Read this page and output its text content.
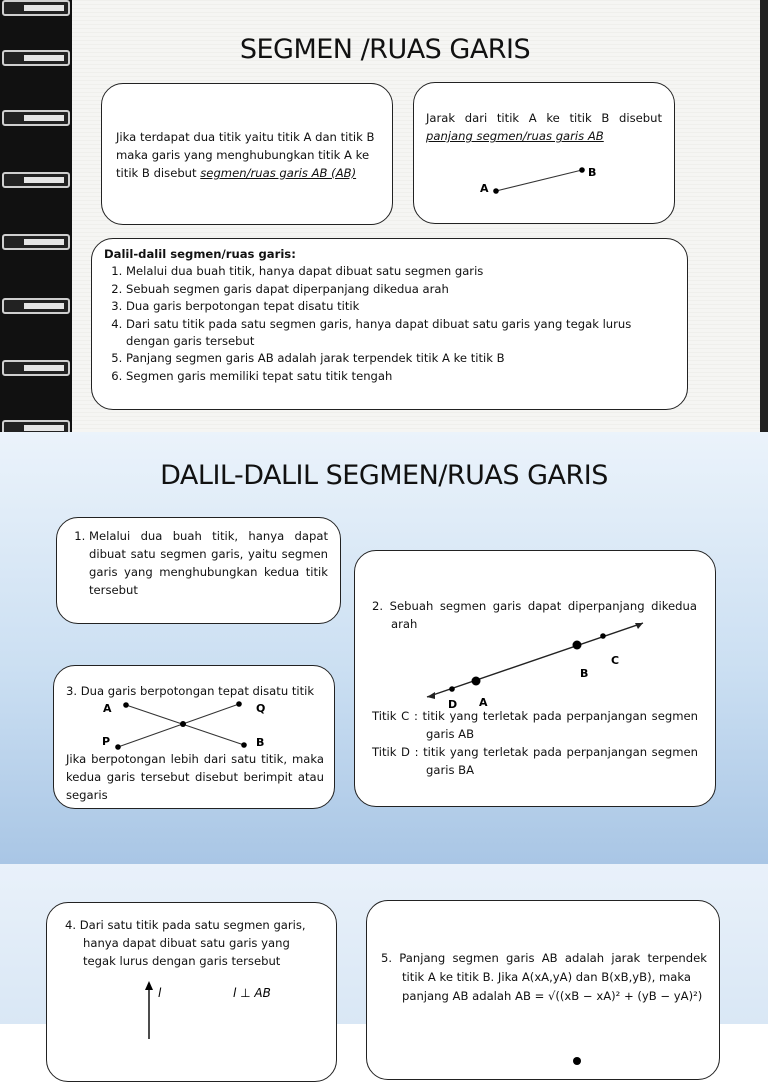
SEGMEN /RUAS GARIS
Jika terdapat dua titik yaitu titik A dan titik B maka garis yang menghubungkan titik A ke titik B disebut segmen/ruas garis AB (AB)
Jarak dari titik A ke titik B disebut panjang segmen/ruas garis AB
A
B
Dalil-dalil segmen/ruas garis:
1. Melalui dua buah titik, hanya dapat dibuat satu segmen garis
2. Sebuah segmen garis dapat diperpanjang dikedua arah
3. Dua garis berpotongan tepat disatu titik
4. Dari satu titik pada satu segmen garis, hanya dapat dibuat satu garis yang tegak lurus dengan garis tersebut
5. Panjang segmen garis AB adalah jarak terpendek titik A ke titik B
6. Segmen garis memiliki tepat satu titik tengah
DALIL-DALIL SEGMEN/RUAS GARIS
1. Melalui dua buah titik, hanya dapat dibuat satu segmen garis, yaitu segmen garis yang menghubungkan kedua titik tersebut
2. Sebuah segmen garis dapat diperpanjang dikedua arah
C
B
D A
Titik C : titik yang terletak pada perpanjangan segmen garis AB
Titik D : titik yang terletak pada perpanjangan segmen garis BA
3. Dua garis berpotongan tepat disatu titik
A	Q
P	B
Jika berpotongan lebih dari satu titik, maka kedua garis tersebut disebut berimpit atau segaris
4. Dari satu titik pada satu segmen garis, hanya dapat dibuat satu garis yang tegak lurus dengan garis tersebut
l	l ⊥ AB
5. Panjang segmen garis AB adalah jarak terpendek titik A ke titik B. Jika A(xA,yA) dan B(xB,yB), maka
panjang AB adalah AB = √((xB − xA)² + (yB − yA)²)
